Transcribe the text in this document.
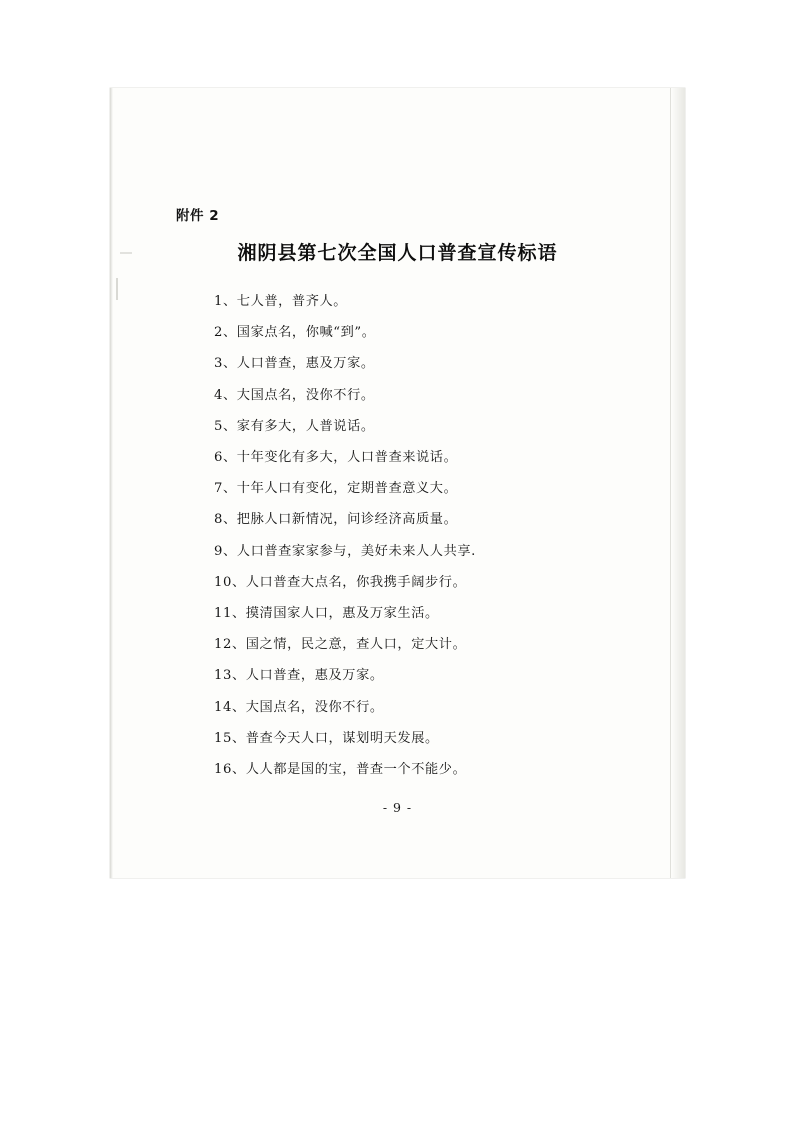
附件 2
湘阴县第七次全国人口普查宣传标语
1、七人普，普齐人。
2、国家点名，你喊“到”。
3、人口普查，惠及万家。
4、大国点名，没你不行。
5、家有多大，人普说话。
6、十年变化有多大，人口普查来说话。
7、十年人口有变化，定期普查意义大。
8、把脉人口新情况，问诊经济高质量。
9、人口普查家家参与，美好未来人人共享.
10、人口普查大点名，你我携手阔步行。
11、摸清国家人口，惠及万家生活。
12、国之情，民之意，查人口，定大计。
13、人口普查，惠及万家。
14、大国点名，没你不行。
15、普查今天人口，谋划明天发展。
16、人人都是国的宝，普查一个不能少。
- 9 -
